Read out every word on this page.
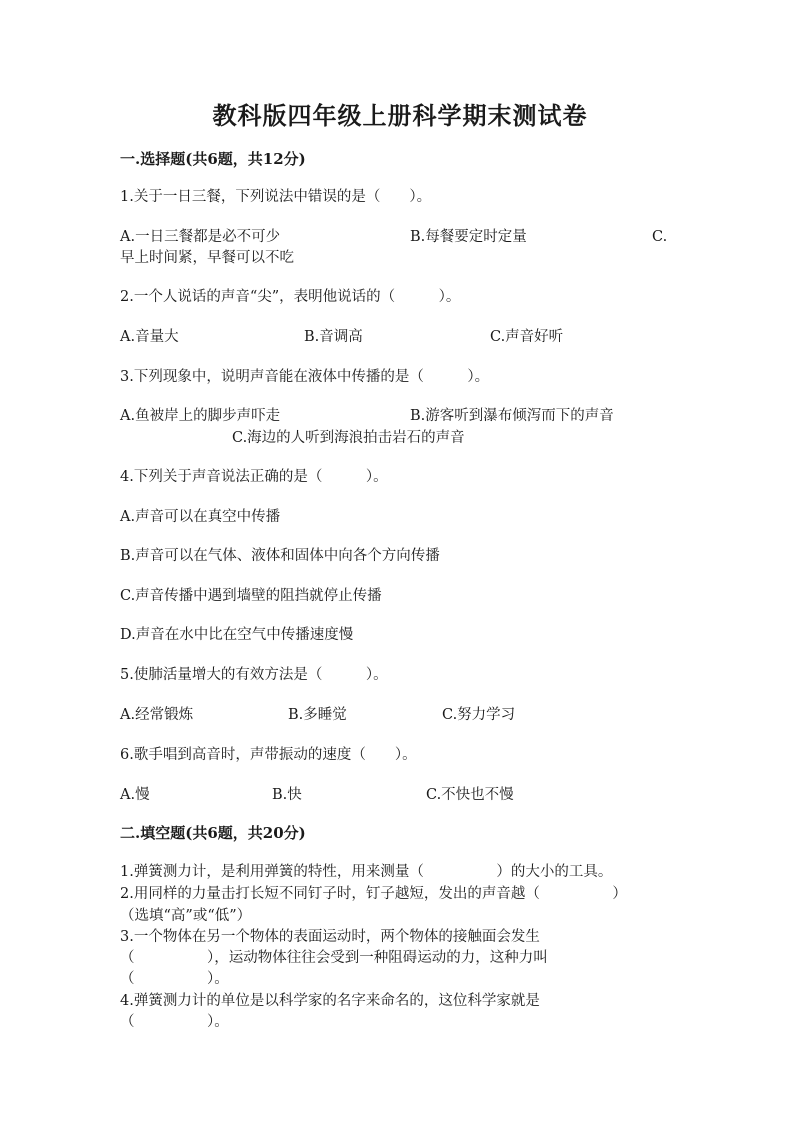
教科版四年级上册科学期末测试卷
一.选择题(共6题，共12分)
1.关于一日三餐，下列说法中错误的是（　　）。
A.一日三餐都是必不可少	B.每餐要定时定量	C.
早上时间紧，早餐可以不吃
2.一个人说话的声音“尖”，表明他说话的（　　　）。
A.音量大	B.音调高	C.声音好听
3.下列现象中，说明声音能在液体中传播的是（　　　）。
A.鱼被岸上的脚步声吓走	B.游客听到瀑布倾泻而下的声音
C.海边的人听到海浪拍击岩石的声音
4.下列关于声音说法正确的是（　　　）。
A.声音可以在真空中传播
B.声音可以在气体、液体和固体中向各个方向传播
C.声音传播中遇到墙壁的阻挡就停止传播
D.声音在水中比在空气中传播速度慢
5.使肺活量增大的有效方法是（　　　）。
A.经常锻炼	B.多睡觉	C.努力学习
6.歌手唱到高音时，声带振动的速度（　　）。
A.慢	B.快	C.不快也不慢
二.填空题(共6题，共20分)
1.弹簧测力计，是利用弹簧的特性，用来测量（　　　　　）的大小的工具。
2.用同样的力量击打长短不同钉子时，钉子越短，发出的声音越（　　　　　）
（选填“高”或“低”）
3.一个物体在另一个物体的表面运动时，两个物体的接触面会发生
（　　　　　），运动物体往往会受到一种阻碍运动的力，这种力叫
（　　　　　）。
4.弹簧测力计的单位是以科学家的名字来命名的，这位科学家就是
（　　　　　）。
